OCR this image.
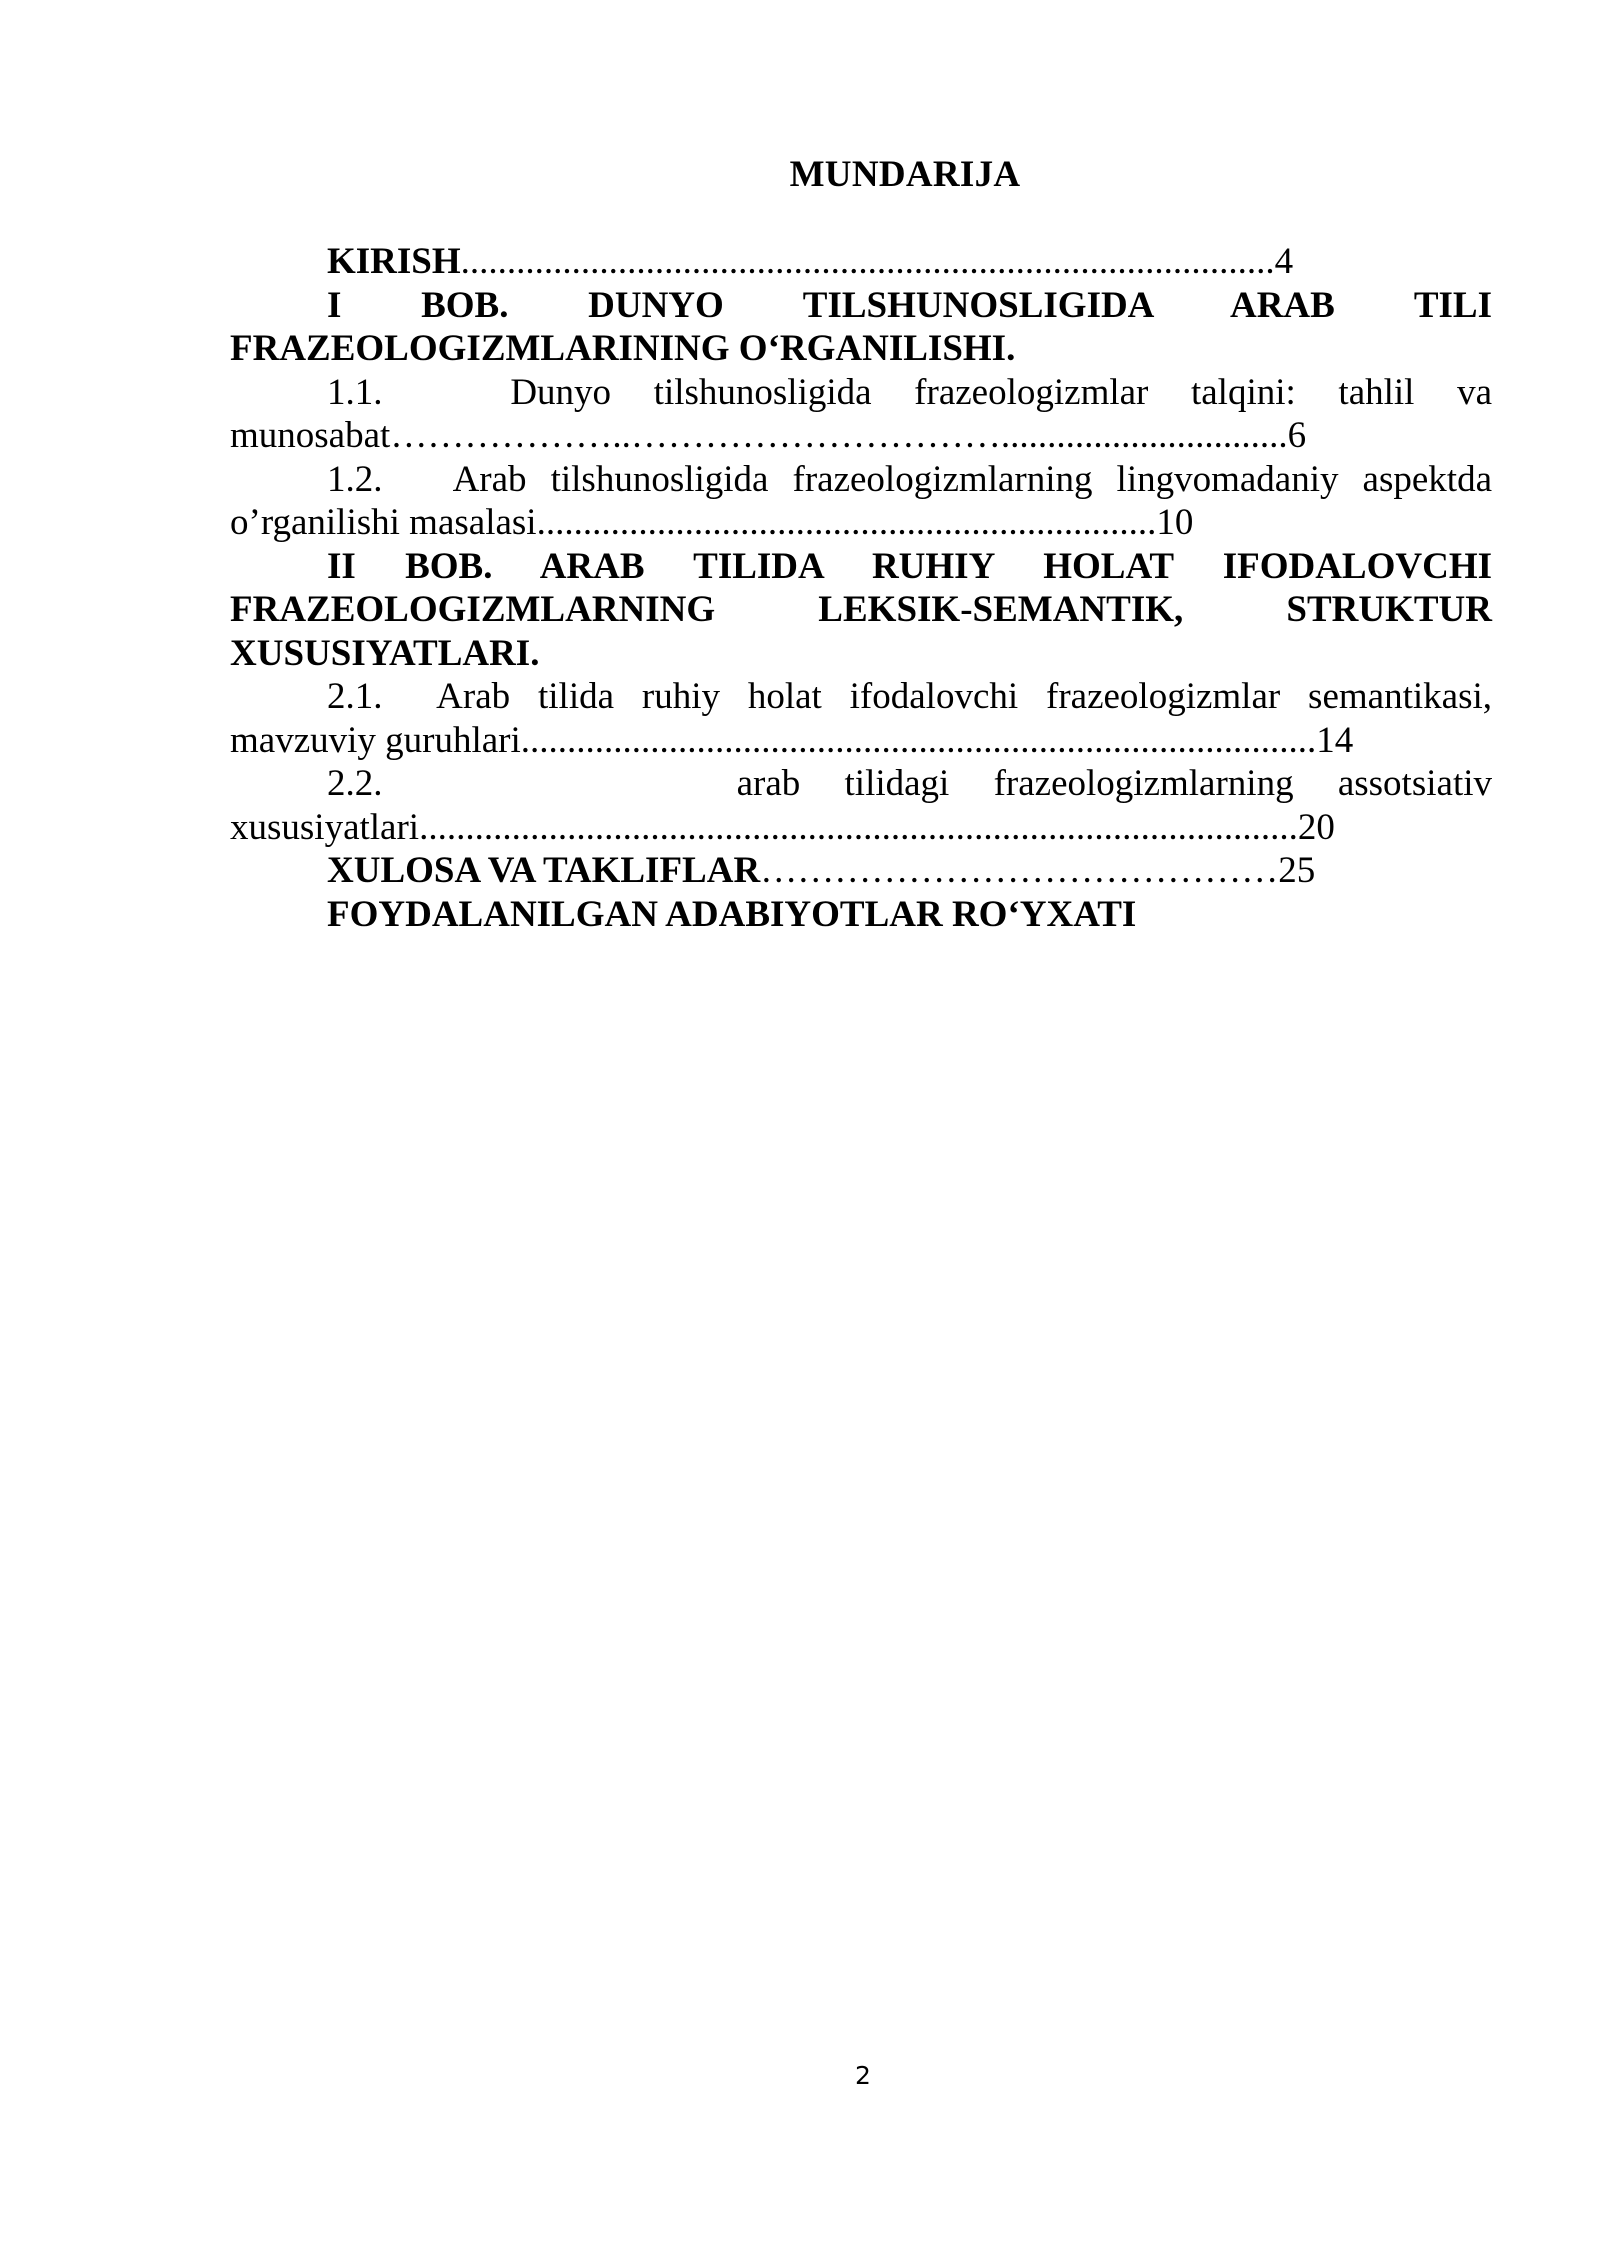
MUNDARIJA

KIRISH........................................................................................4

I BOB. DUNYO TILSHUNOSLIGIDA ARAB TILI FRAZEOLOGIZMLARINING O‘RGANILISHI.

1.1.   Dunyo tilshunosligida frazeologizmlar talqini: tahlil va munosabat………………..…………………………...............................6

1.2.   Arab tilshunosligida frazeologizmlarning lingvomadaniy aspektda o’rganilishi masalasi...................................................................10

II BOB. ARAB TILIDA RUHIY HOLAT IFODALOVCHI FRAZEOLOGIZMLARNING LEKSIK-SEMANTIK, STRUKTUR XUSUSIYATLARI.

2.1.  Arab tilida ruhiy holat ifodalovchi frazeologizmlar semantikasi, mavzuviy guruhlari......................................................................................14

2.2.        arab tilidagi frazeologizmlarning assotsiativ xususiyatlari...............................................................................................20

XULOSA VA TAKLIFLAR……………………………………25

FOYDALANILGAN ADABIYOTLAR RO‘YXATI

2
